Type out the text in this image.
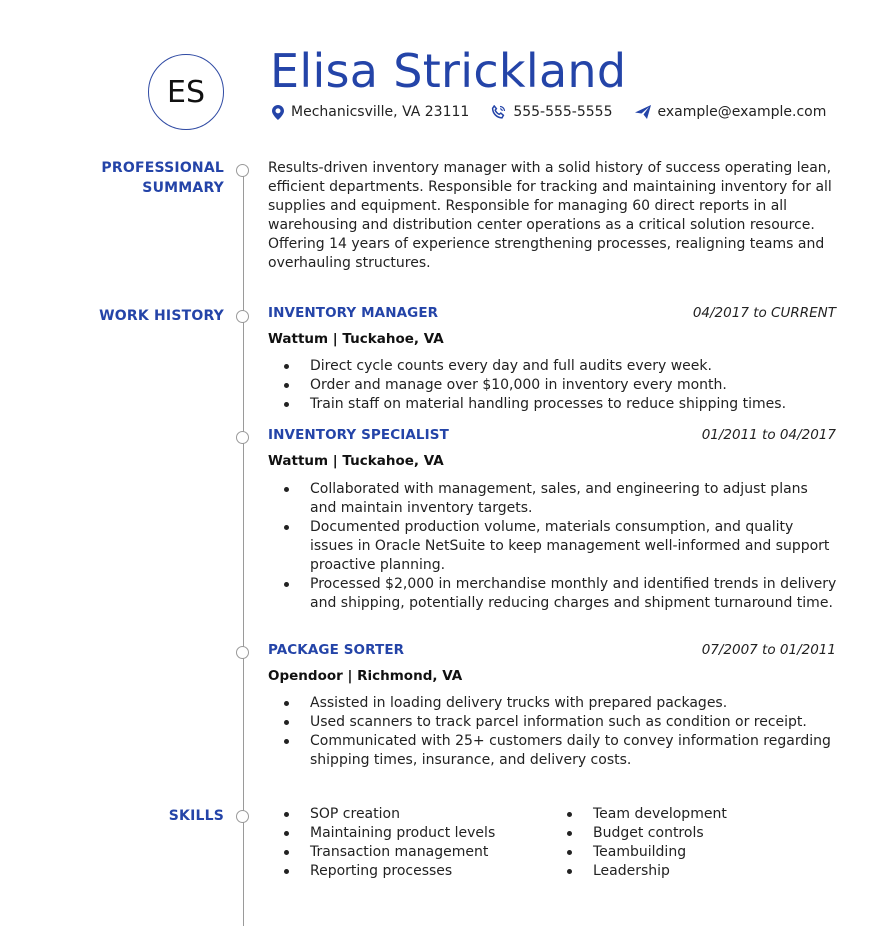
ES	Elisa Strickland
Mechanicsville, VA 23111	555-555-5555	example@example.com
PROFESSIONAL
SUMMARY
Results-driven inventory manager with a solid history of success operating lean, efficient departments. Responsible for tracking and maintaining inventory for all supplies and equipment. Responsible for managing 60 direct reports in all warehousing and distribution center operations as a critical solution resource. Offering 14 years of experience strengthening processes, realigning teams and overhauling structures.
WORK HISTORY	INVENTORY MANAGER	04/2017 to CURRENT
Wattum | Tuckahoe, VA
Direct cycle counts every day and full audits every week.
Order and manage over $10,000 in inventory every month.
Train staff on material handling processes to reduce shipping times.
INVENTORY SPECIALIST	01/2011 to 04/2017
Wattum | Tuckahoe, VA
Collaborated with management, sales, and engineering to adjust plans and maintain inventory targets.
Documented production volume, materials consumption, and quality issues in Oracle NetSuite to keep management well-informed and support proactive planning.
Processed $2,000 in merchandise monthly and identified trends in delivery and shipping, potentially reducing charges and shipment turnaround time.
PACKAGE SORTER	07/2007 to 01/2011
Opendoor | Richmond, VA
Assisted in loading delivery trucks with prepared packages.
Used scanners to track parcel information such as condition or receipt.
Communicated with 25+ customers daily to convey information regarding shipping times, insurance, and delivery costs.
SKILLS	SOP creation
Maintaining product levels
Transaction management
Reporting processes
Team development
Budget controls
Teambuilding
Leadership
